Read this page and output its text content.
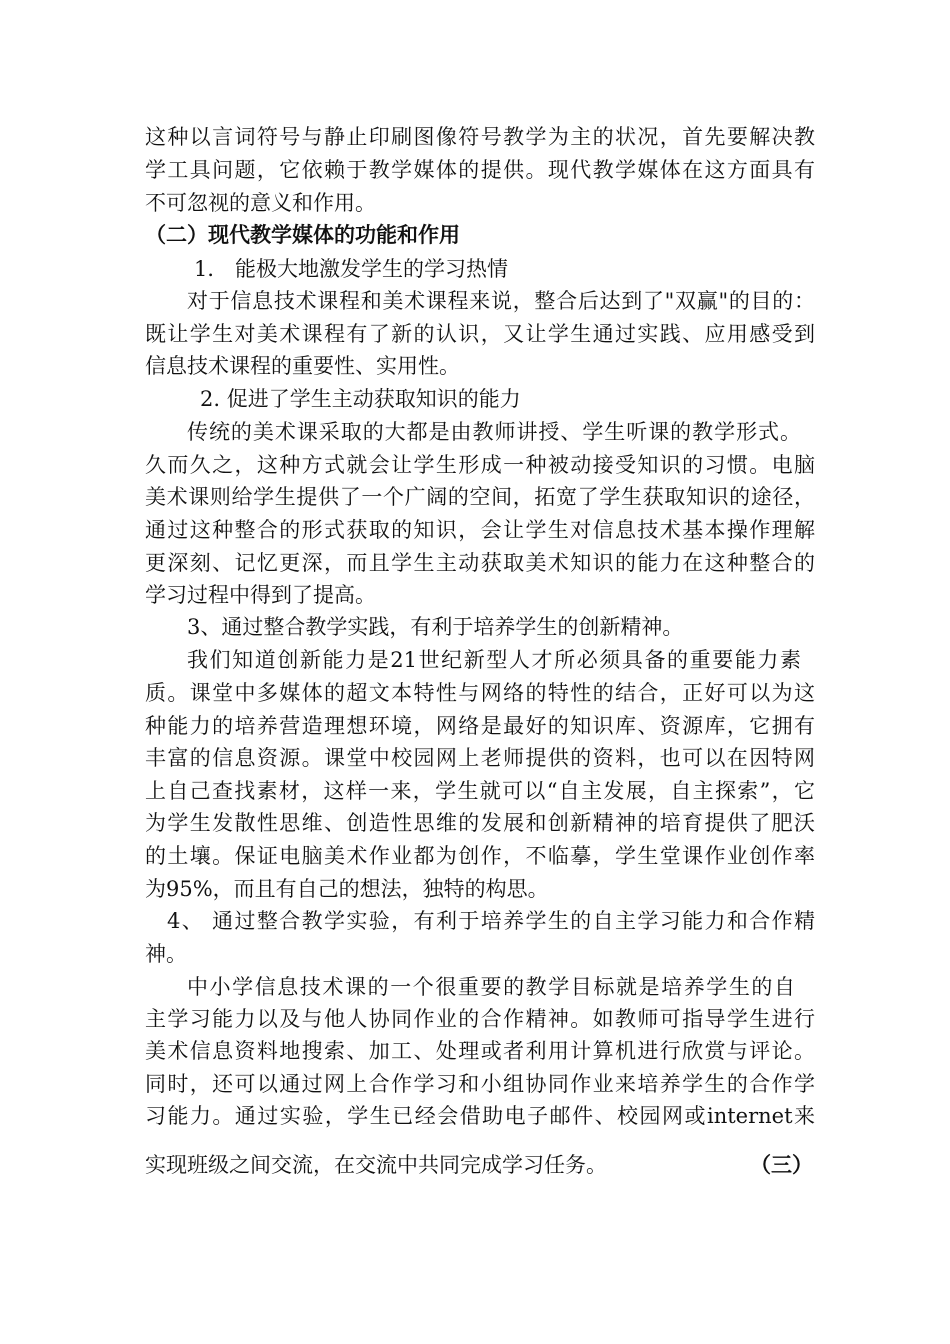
这种以言词符号与静止印刷图像符号教学为主的状况，首先要解决教
学工具问题，它依赖于教学媒体的提供。现代教学媒体在这方面具有
不可忽视的意义和作用。
（二）现代教学媒体的功能和作用
1． 能极大地激发学生的学习热情
对于信息技术课程和美术课程来说，整合后达到了"双赢"的目的：
既让学生对美术课程有了新的认识，又让学生通过实践、应用感受到
信息技术课程的重要性、实用性。
2. 促进了学生主动获取知识的能力
传统的美术课采取的大都是由教师讲授、学生听课的教学形式。
久而久之，这种方式就会让学生形成一种被动接受知识的习惯。电脑
美术课则给学生提供了一个广阔的空间，拓宽了学生获取知识的途径，
通过这种整合的形式获取的知识，会让学生对信息技术基本操作理解
更深刻、记忆更深，而且学生主动获取美术知识的能力在这种整合的
学习过程中得到了提高。
3、通过整合教学实践，有利于培养学生的创新精神。
我们知道创新能力是21世纪新型人才所必须具备的重要能力素
质。课堂中多媒体的超文本特性与网络的特性的结合，正好可以为这
种能力的培养营造理想环境，网络是最好的知识库、资源库，它拥有
丰富的信息资源。课堂中校园网上老师提供的资料，也可以在因特网
上自己查找素材，这样一来，学生就可以“自主发展，自主探索”，它
为学生发散性思维、创造性思维的发展和创新精神的培育提供了肥沃
的土壤。保证电脑美术作业都为创作，不临摹，学生堂课作业创作率
为95%，而且有自己的想法，独特的构思。
4、 通过整合教学实验，有利于培养学生的自主学习能力和合作精
神。
中小学信息技术课的一个很重要的教学目标就是培养学生的自
主学习能力以及与他人协同作业的合作精神。如教师可指导学生进行
美术信息资料地搜索、加工、处理或者利用计算机进行欣赏与评论。
同时，还可以通过网上合作学习和小组协同作业来培养学生的合作学
习能力。通过实验，学生已经会借助电子邮件、校园网或internet来
实现班级之间交流，在交流中共同完成学习任务。	（三）
